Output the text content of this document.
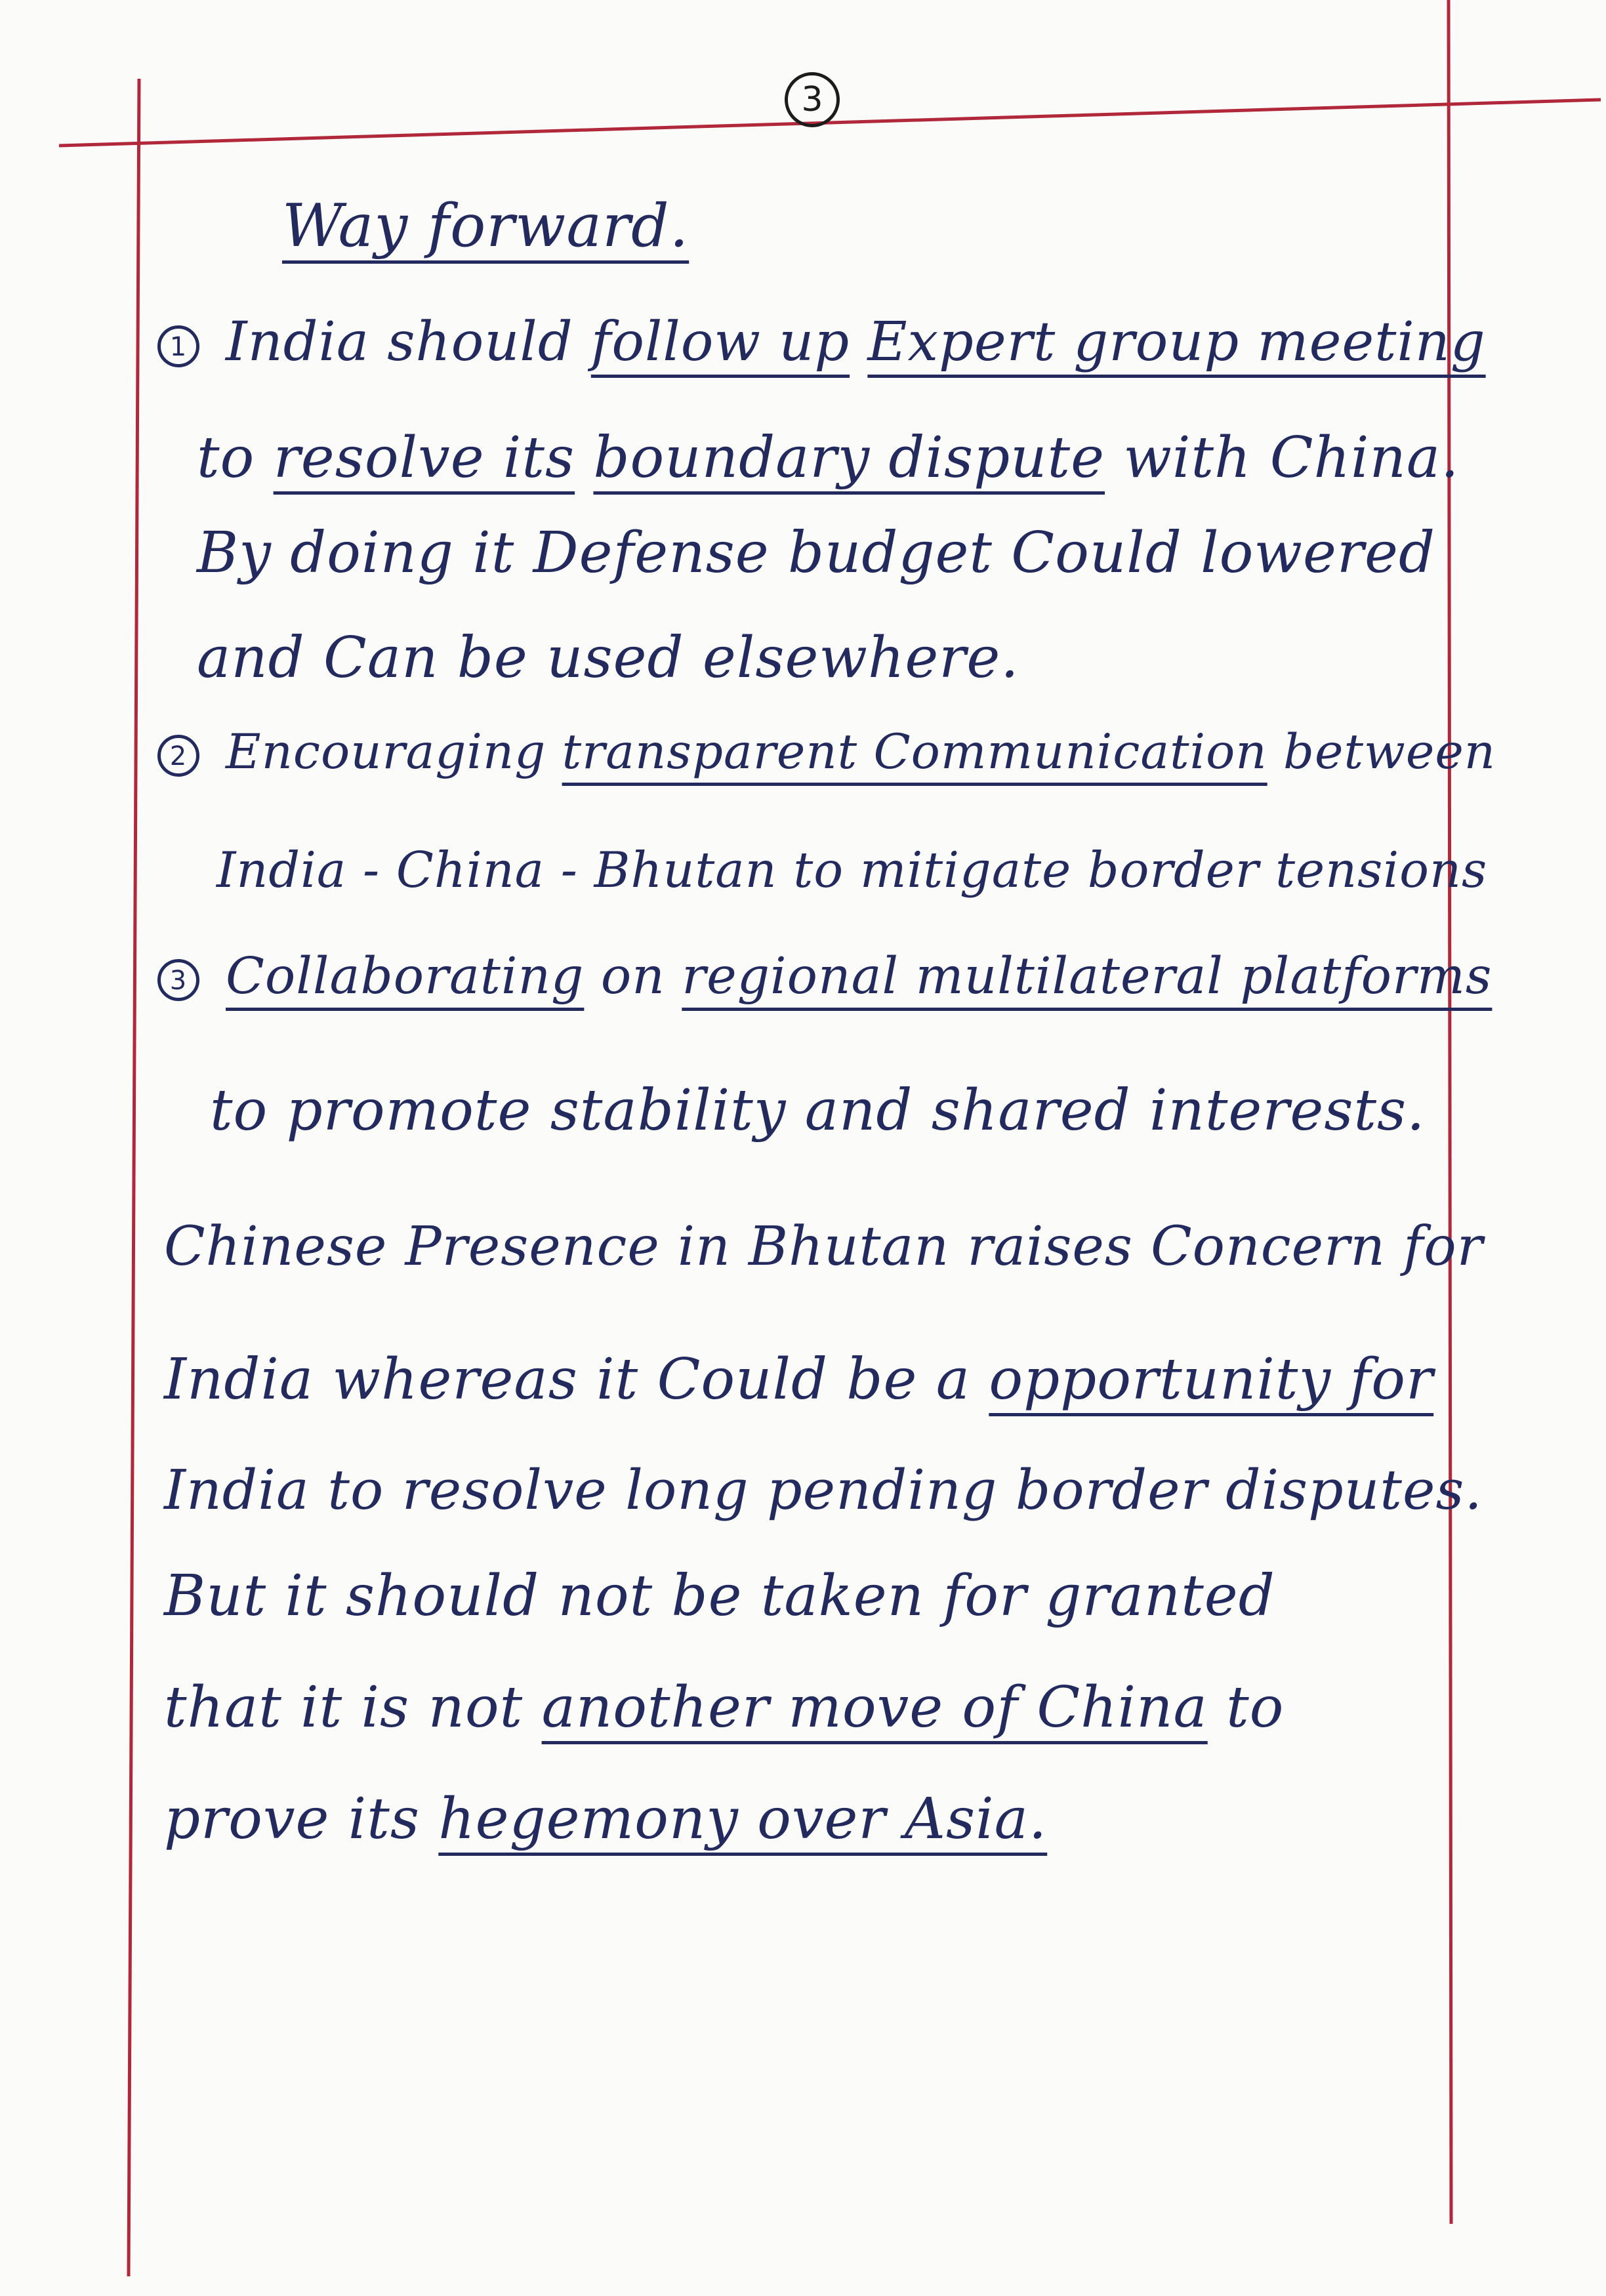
3
Way forward.
1 India should follow up Expert group meeting
to resolve its boundary dispute with China.
By doing it Defense budget Could lowered
and Can be used elsewhere.
2 Encouraging transparent Communication between
India - China - Bhutan to mitigate border tensions
3 Collaborating on regional multilateral platforms
to promote stability and shared interests.
Chinese Presence in Bhutan raises Concern for
India whereas it Could be a opportunity for
India to resolve long pending border disputes.
But it should not be taken for granted
that it is not another move of China to
prove its hegemony over Asia.
